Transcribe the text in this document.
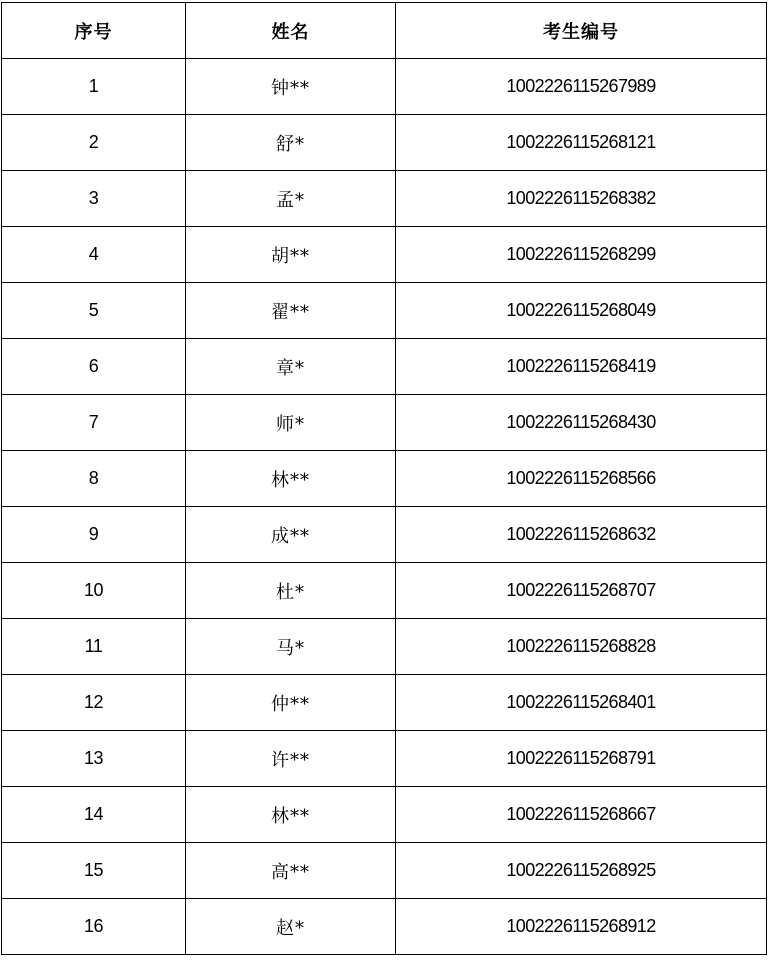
序号	姓名	考生编号
1	钟**	1002226115267989
2	舒*	1002226115268121
3	孟*	1002226115268382
4	胡**	1002226115268299
5	翟**	1002226115268049
6	章*	1002226115268419
7	师*	1002226115268430
8	林**	1002226115268566
9	成**	1002226115268632
10	杜*	1002226115268707
11	马*	1002226115268828
12	仲**	1002226115268401
13	许**	1002226115268791
14	林**	1002226115268667
15	高**	1002226115268925
16	赵*	1002226115268912
